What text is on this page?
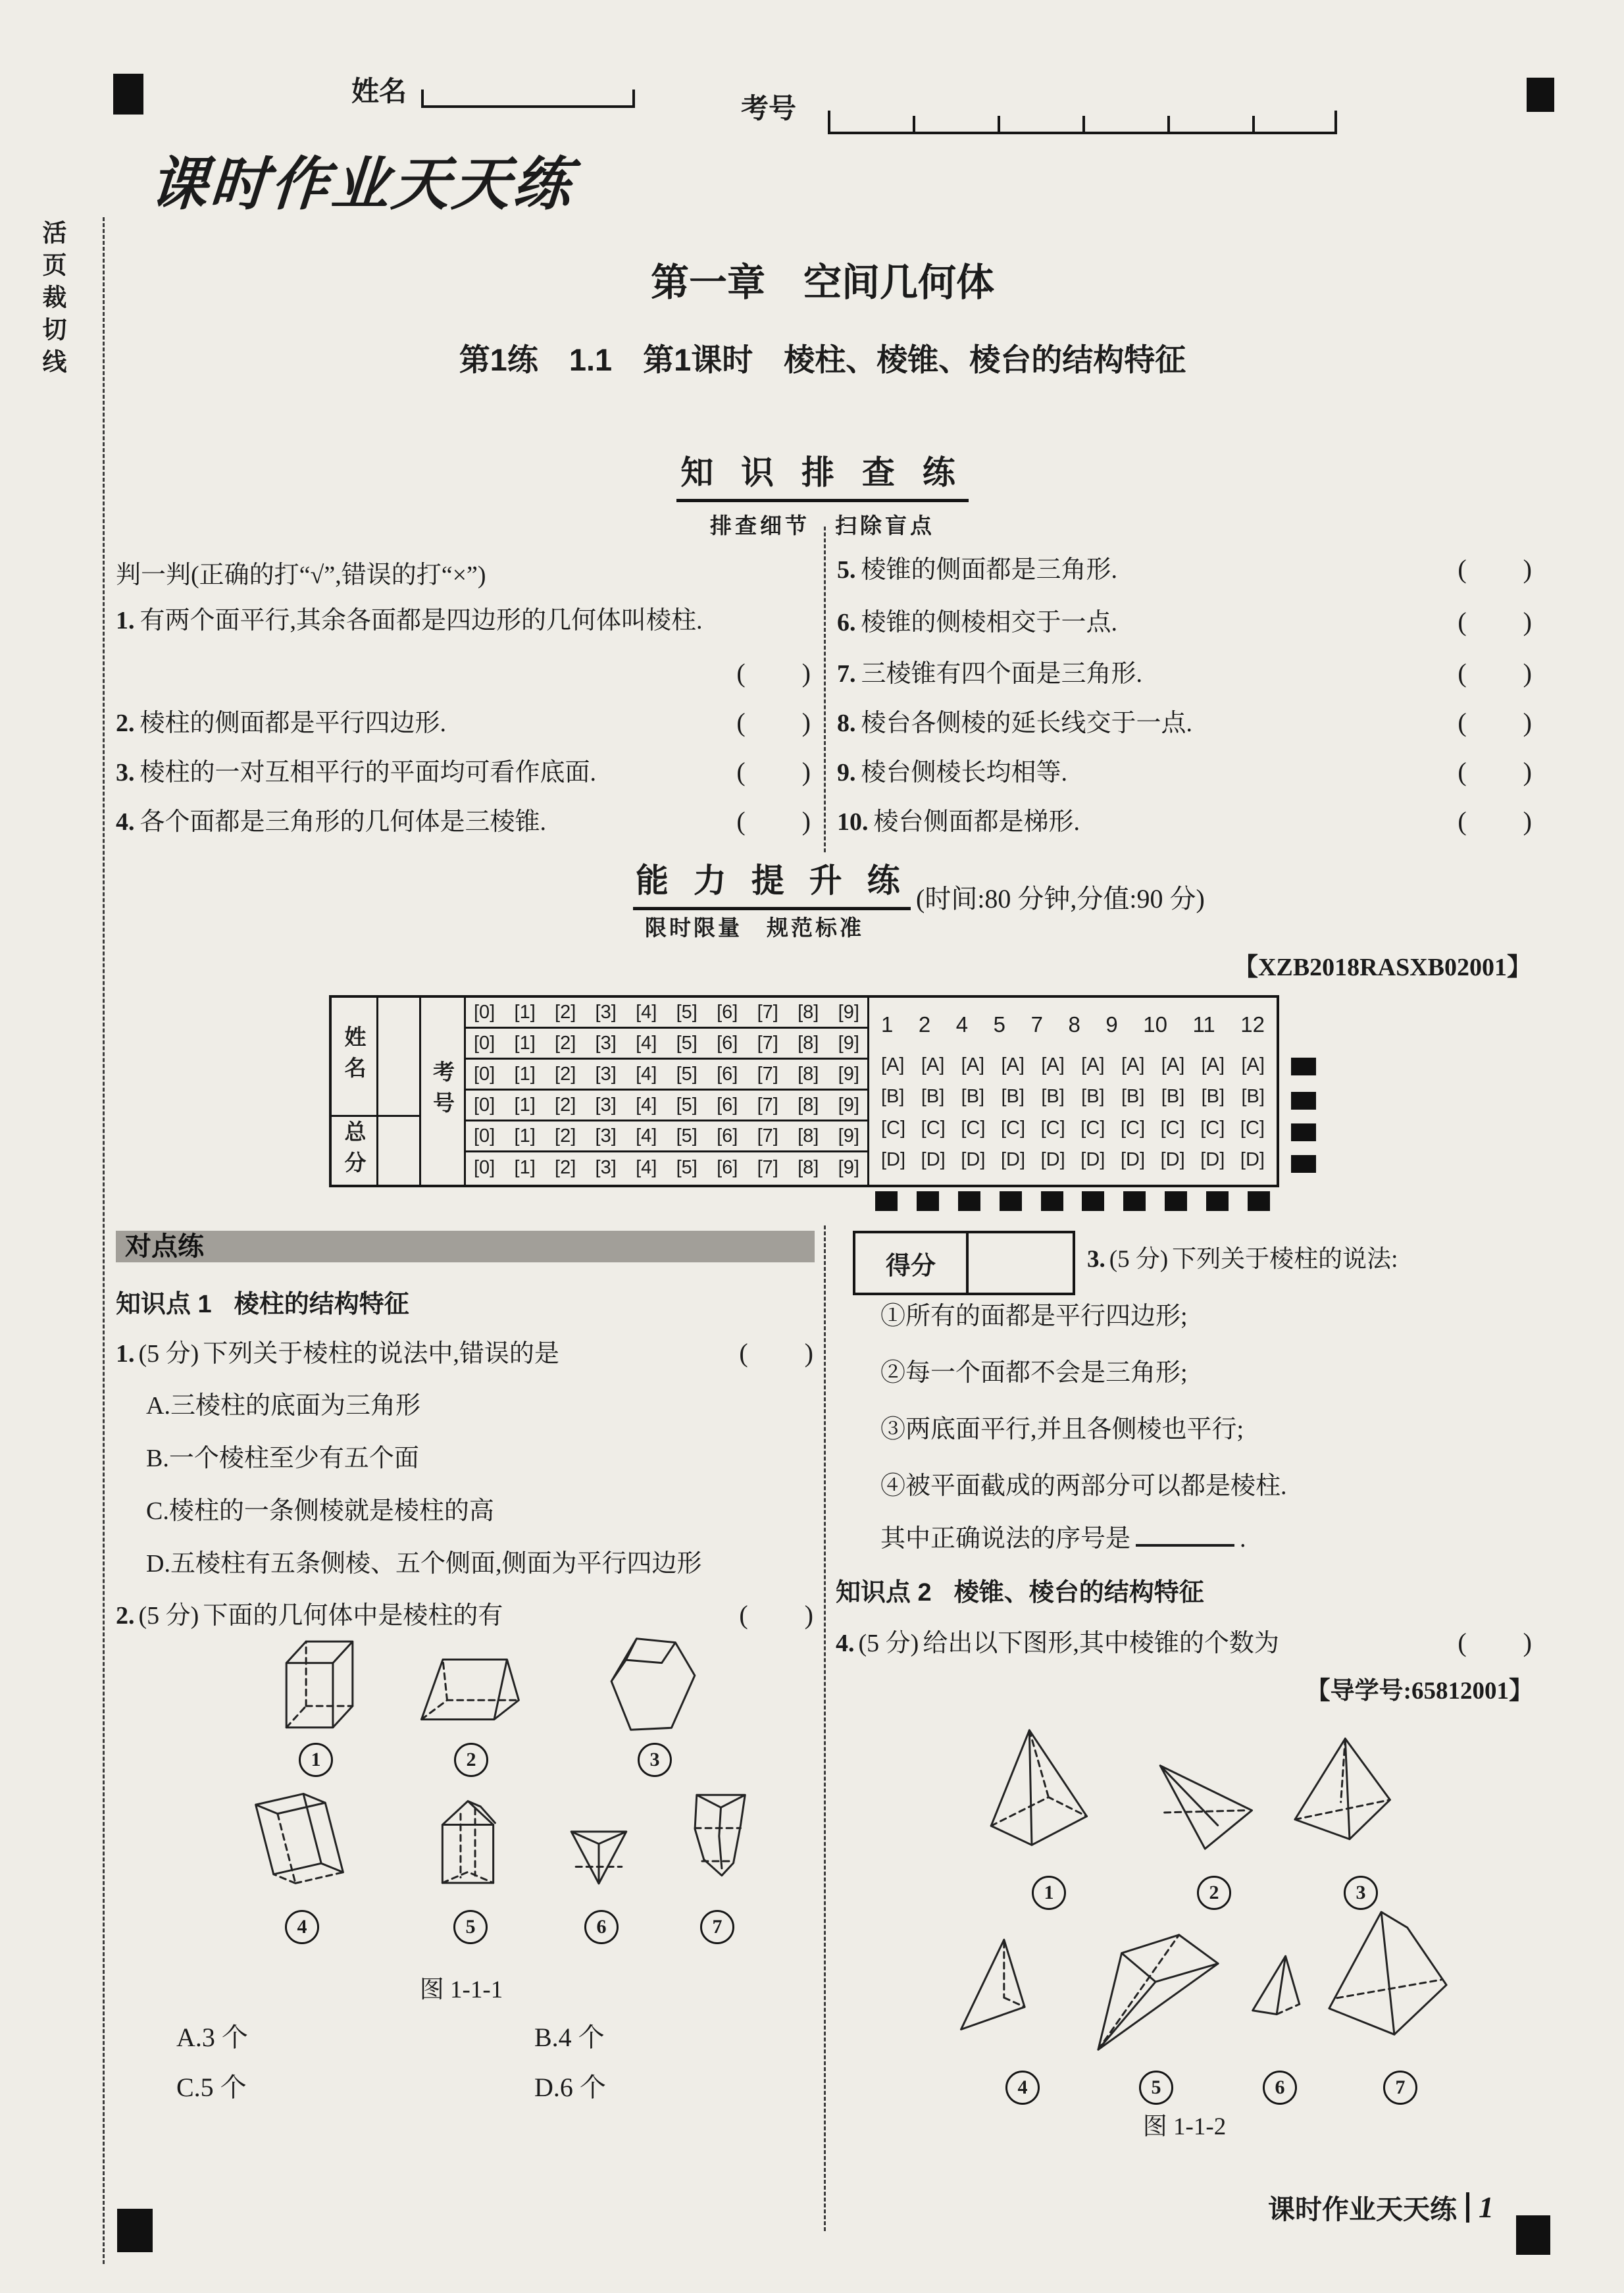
活页裁切线
姓名
考号
课时作业天天练
第一章　空间几何体
第1练　1.1　第1课时　棱柱、棱锥、棱台的结构特征
知 识 排 查 练
排查细节　扫除盲点
判一判(正确的打“√”,错误的打“×”)
1. 有两个面平行,其余各面都是四边形的几何体叫棱柱.
(　　)
2. 棱柱的侧面都是平行四边形.	(　　)
3. 棱柱的一对互相平行的平面均可看作底面.	(　　)
4. 各个面都是三角形的几何体是三棱锥.	(　　)
5. 棱锥的侧面都是三角形.	(　　)
6. 棱锥的侧棱相交于一点.	(　　)
7. 三棱锥有四个面是三角形.	(　　)
8. 棱台各侧棱的延长线交于一点.	(　　)
9. 棱台侧棱长均相等.	(　　)
10. 棱台侧面都是梯形.	(　　)
能 力 提 升 练
限时限量　规范标准
(时间:80 分钟,分值:90 分)
【XZB2018RASXB02001】
姓名
总分
考号
[0] [1] [2] [3] [4] [5] [6] [7] [8] [9]
[0] [1] [2] [3] [4] [5] [6] [7] [8] [9]
[0] [1] [2] [3] [4] [5] [6] [7] [8] [9]
[0] [1] [2] [3] [4] [5] [6] [7] [8] [9]
[0] [1] [2] [3] [4] [5] [6] [7] [8] [9]
[0] [1] [2] [3] [4] [5] [6] [7] [8] [9]
1 2 4 5 7 8 9 10 11 12
[A] [A] [A] [A] [A] [A] [A] [A] [A] [A]
[B] [B] [B] [B] [B] [B] [B] [B] [B] [B]
[C] [C] [C] [C] [C] [C] [C] [C] [C] [C]
[D] [D] [D] [D] [D] [D] [D] [D] [D] [D]
对点练
知识点 1 棱柱的结构特征
1. (5 分) 下列关于棱柱的说法中,错误的是	(　　)
A.三棱柱的底面为三角形
B.一个棱柱至少有五个面
C.棱柱的一条侧棱就是棱柱的高
D.五棱柱有五条侧棱、五个侧面,侧面为平行四边形
2. (5 分) 下面的几何体中是棱柱的有	(　　)
1	2	3
4	5	6	7
图 1-1-1
A.3 个	B.4 个
C.5 个	D.6 个
得分	3. (5 分) 下列关于棱柱的说法:
①所有的面都是平行四边形;
②每一个面都不会是三角形;
③两底面平行,并且各侧棱也平行;
④被平面截成的两部分可以都是棱柱.
其中正确说法的序号是	.
知识点 2 棱锥、棱台的结构特征
4. (5 分) 给出以下图形,其中棱锥的个数为	(　　)
【导学号:65812001】
1	2	3
4	5	6	7
图 1-1-2
课时作业天天练 1
